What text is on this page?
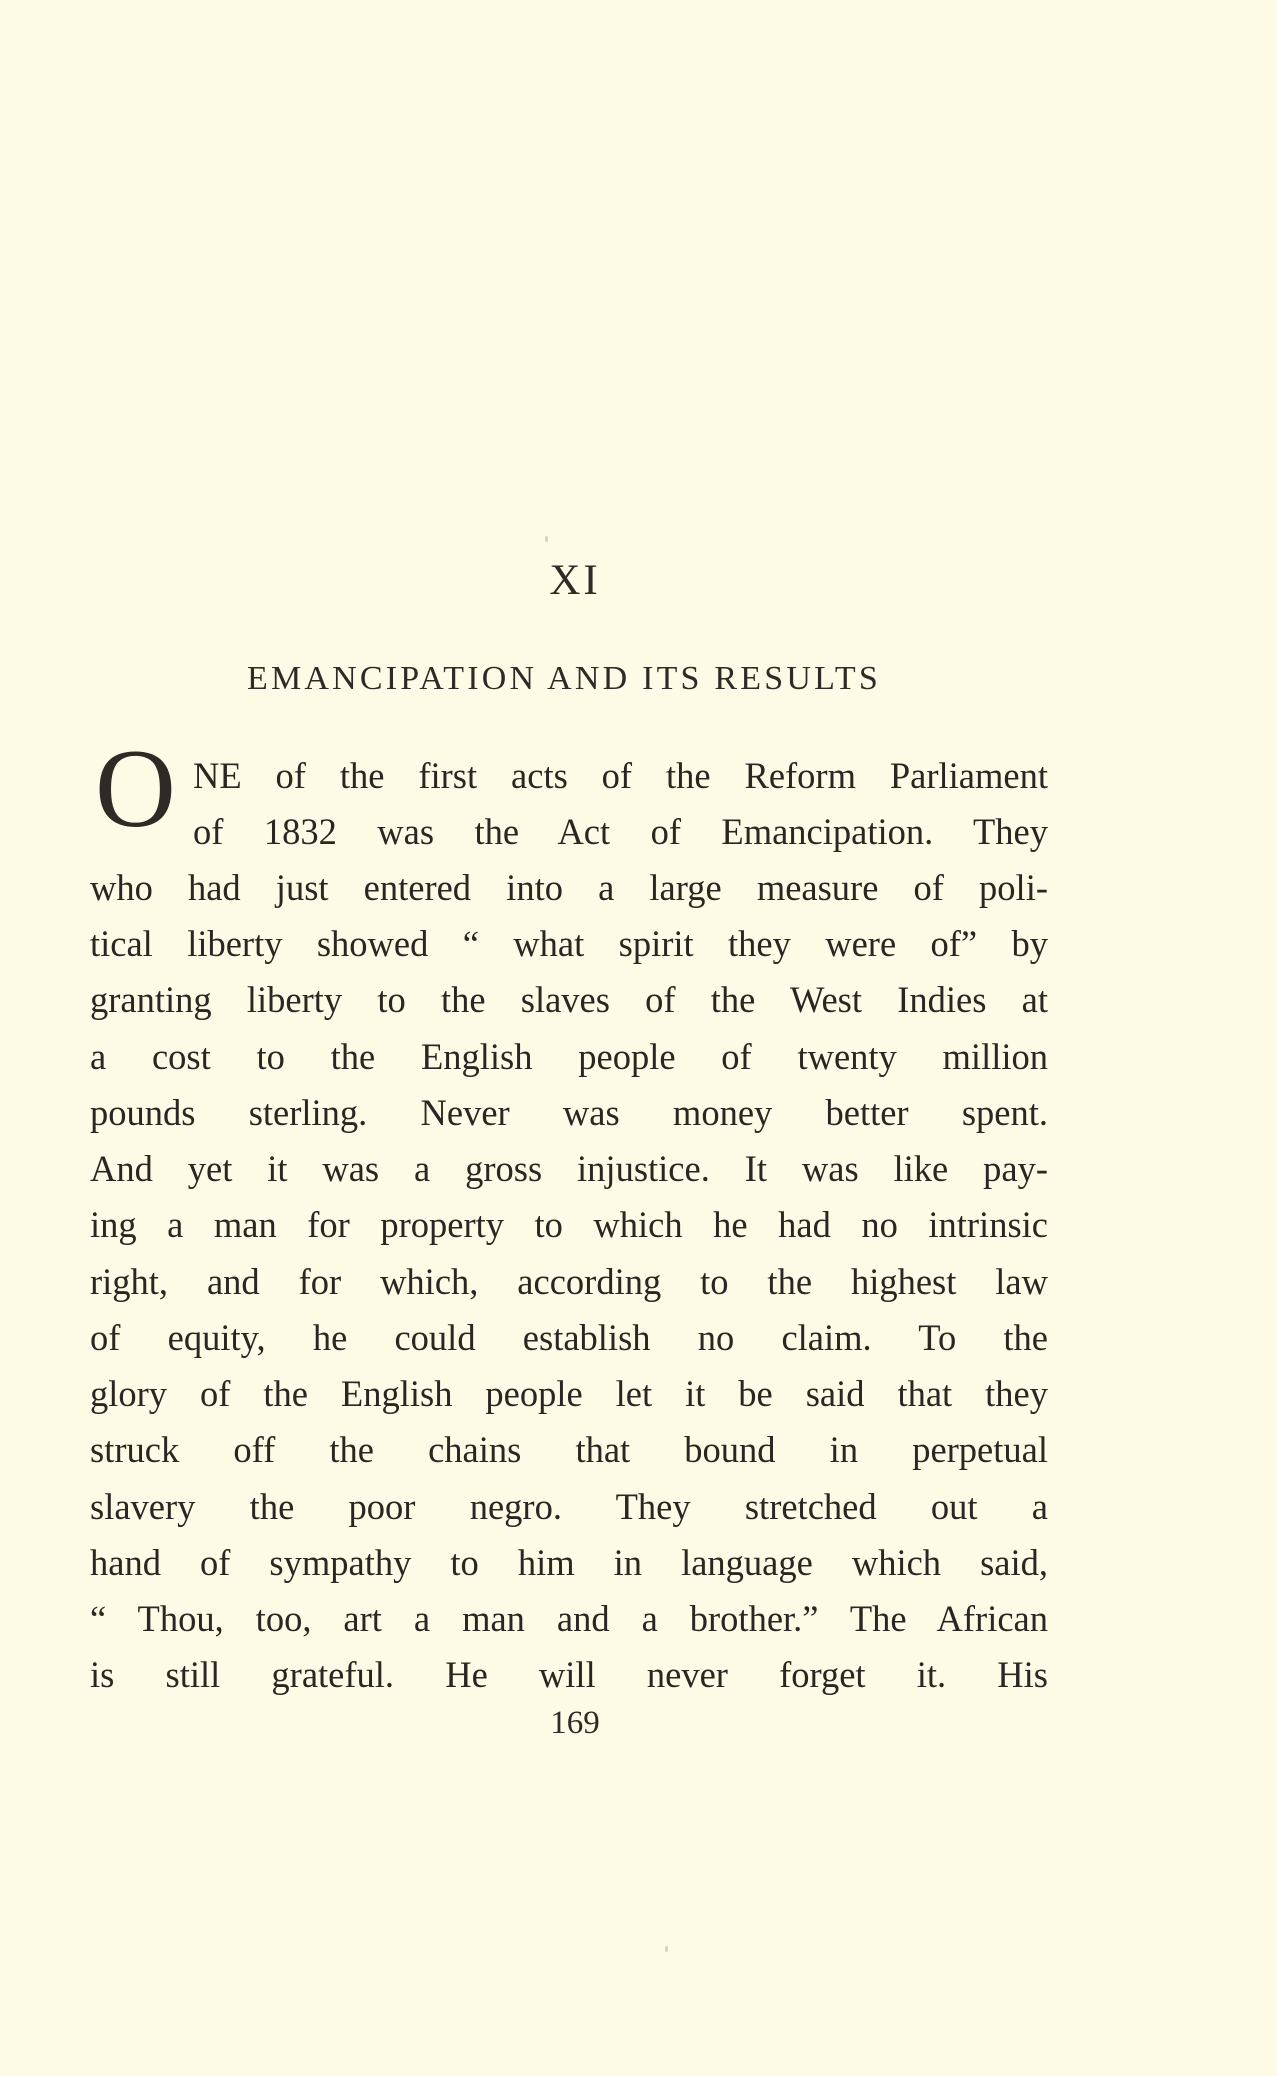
XI
EMANCIPATION AND ITS RESULTS
O NE of the first acts of the Reform Parliament
of 1832 was the Act of Emancipation. They
who had just entered into a large measure of poli-
tical liberty showed “ what spirit they were of” by
granting liberty to the slaves of the West Indies at
a cost to the English people of twenty million
pounds sterling. Never was money better spent.
And yet it was a gross injustice. It was like pay-
ing a man for property to which he had no intrinsic
right, and for which, according to the highest law
of equity, he could establish no claim. To the
glory of the English people let it be said that they
struck off the chains that bound in perpetual
slavery the poor negro. They stretched out a
hand of sympathy to him in language which said,
“ Thou, too, art a man and a brother.” The African
is still grateful. He will never forget it. His
169
